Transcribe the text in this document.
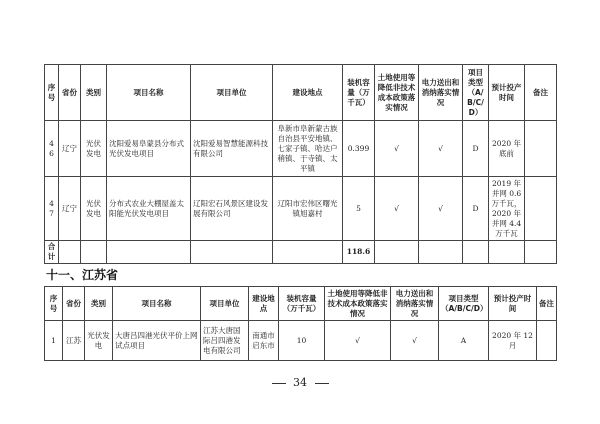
序号	省份	类别	项目名称	项目单位	建设地点	装机容量（万千瓦）	土地使用等降低非技术成本政策落实情况	电力送出和消纳落实情况	项目类型（A/B/C/D）	预计投产时间	备注
46	辽宁	光伏发电	沈阳爱易阜蒙县分布式光伏发电项目	沈阳爱易智慧能源科技有限公司	阜新市阜新蒙古族自治县平安地镇、七家子镇、哈达户稍镇、于寺镇、太平镇	0.399	√	√	D	2020 年底前	
47	辽宁	光伏发电	分布式农业大棚屋盖太阳能光伏发电项目	辽阳宏石风景区建设发展有限公司	辽阳市宏伟区曙光镇旭嘉村	5	√	√	D	2019 年并网 0.6 万千瓦，2020 年并网 4.4 万千瓦	
合计						118.6					
十一、江苏省
序号	省份	类别	项目名称	项目单位	建设地点	装机容量（万千瓦）	土地使用等降低非技术成本政策落实情况	电力送出和消纳落实情况	项目类型（A/B/C/D）	预计投产时间	备注
1	江苏	光伏发电	大唐吕四港光伏平价上网试点项目	江苏大唐国际吕四港发电有限公司	南通市启东市	10	√	√	A	2020 年 12 月	
34
